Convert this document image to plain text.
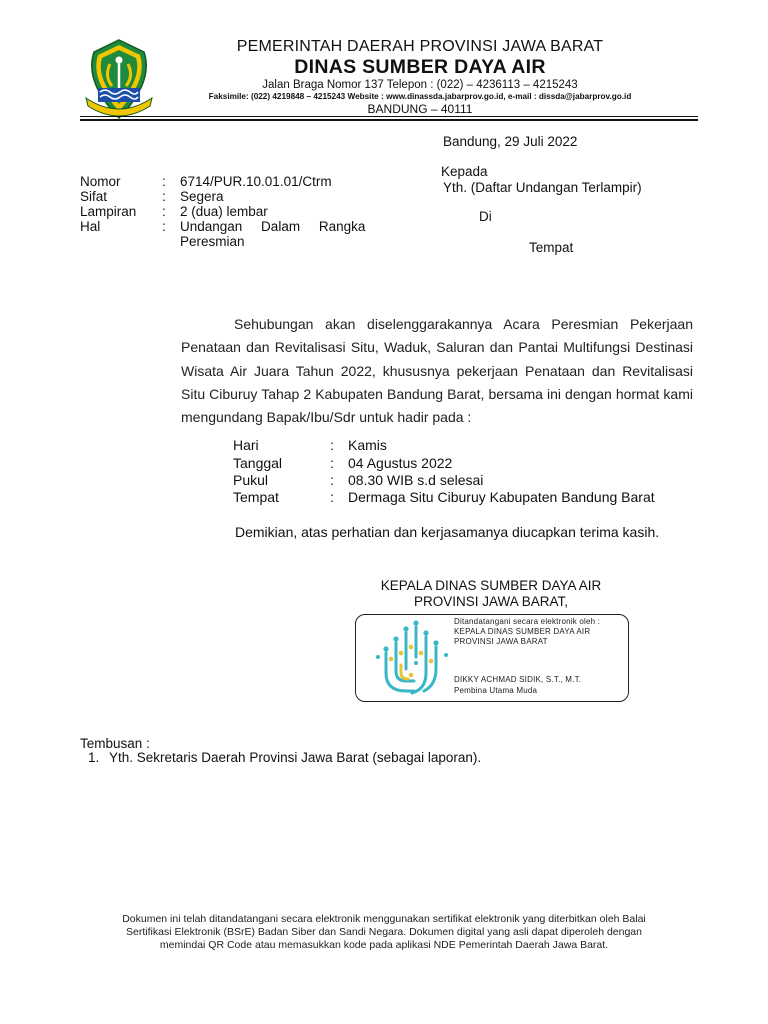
PEMERINTAH DAERAH PROVINSI JAWA BARAT
DINAS SUMBER DAYA AIR
Jalan Braga Nomor 137 Telepon : (022) – 4236113 – 4215243
Faksimile: (022) 4219848 – 4215243 Website : www.dinassda.jabarprov.go.id, e-mail : dissda@jabarprov.go.id
BANDUNG – 40111
Bandung, 29 Juli 2022
Kepada
Yth. (Daftar Undangan Terlampir)
Di
Tempat
Nomor	: 6714/PUR.10.01.01/Ctrm
Sifat	: Segera
Lampiran : 2 (dua) lembar
Hal	: Undangan     Dalam     Rangka
Peresmian
Sehubungan akan diselenggarakannya Acara Peresmian Pekerjaan Penataan dan Revitalisasi Situ, Waduk, Saluran dan Pantai Multifungsi Destinasi Wisata Air Juara Tahun 2022, khususnya pekerjaan Penataan dan Revitalisasi Situ Ciburuy Tahap 2 Kabupaten Bandung Barat, bersama ini dengan hormat kami mengundang Bapak/Ibu/Sdr untuk hadir pada :
Hari	: Kamis
Tanggal	: 04 Agustus 2022
Pukul	: 08.30 WIB s.d selesai
Tempat	: Dermaga Situ Ciburuy Kabupaten Bandung Barat
Demikian, atas perhatian dan kerjasamanya diucapkan terima kasih.
KEPALA DINAS SUMBER DAYA AIR
PROVINSI JAWA BARAT,
Ditandatangani secara elektronik oleh :
KEPALA DINAS SUMBER DAYA AIR
PROVINSI JAWA BARAT
DIKKY ACHMAD SIDIK, S.T., M.T.
Pembina Utama Muda
Tembusan :
1. Yth. Sekretaris Daerah Provinsi Jawa Barat (sebagai laporan).
Dokumen ini telah ditandatangani secara elektronik menggunakan sertifikat elektronik yang diterbitkan oleh Balai
Sertifikasi Elektronik (BSrE) Badan Siber dan Sandi Negara. Dokumen digital yang asli dapat diperoleh dengan
memindai QR Code atau memasukkan kode pada aplikasi NDE Pemerintah Daerah Jawa Barat.
